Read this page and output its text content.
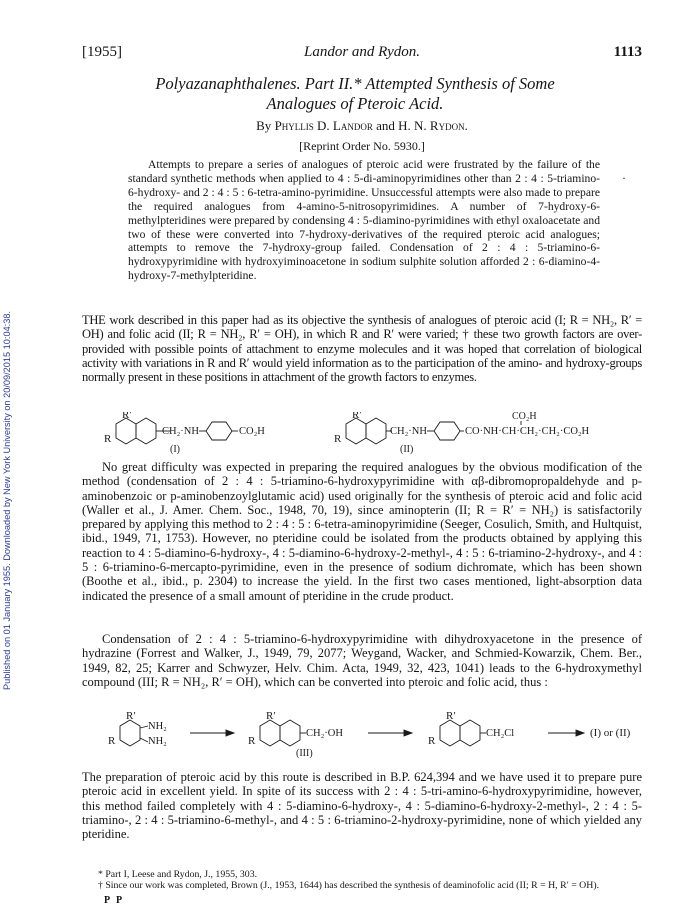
Published on 01 January 1955. Downloaded by New York University on 20/09/2015 10:04:38.
[1955]	Landor and Rydon.	1113
Polyazanaphthalenes. Part II.* Attempted Synthesis of Some
Analogues of Pteroic Acid.
By Phyllis D. Landor and H. N. Rydon.
[Reprint Order No. 5930.]
Attempts to prepare a series of analogues of pteroic acid were frustrated by the failure of the standard synthetic methods when applied to 4 : 5-di-aminopyrimidines other than 2 : 4 : 5-triamino-6-hydroxy- and 2 : 4 : 5 : 6-tetra-amino-pyrimidine. Unsuccessful attempts were also made to prepare the required analogues from 4-amino-5-nitrosopyrimidines. A number of 7-hydroxy-6-methylpteridines were prepared by condensing 4 : 5-diamino-pyrimidines with ethyl oxaloacetate and two of these were converted into 7-hydroxy-derivatives of the required pteroic acid analogues; attempts to remove the 7-hydroxy-group failed. Condensation of 2 : 4 : 5-triamino-6-hydroxypyrimidine with hydroxyiminoacetone in sodium sulphite solution afforded 2 : 6-diamino-4-hydroxy-7-methylpteridine.
·

THE work described in this paper had as its objective the synthesis of analogues of pteroic acid (I; R = NH₂, R′ = OH) and folic acid (II; R = NH₂, R′ = OH), in which R and R′ were varied; † these two growth factors are over-provided with possible points of attachment to enzyme molecules and it was hoped that correlation of biological activity with variations in R and R′ would yield information as to the participation of the amino- and hydroxy-groups normally present in these positions in attachment of the growth factors to enzymes.

R′
R
CH₂·NH	CO₂H
(I)
R′
R
CH₂·NH
CO₂H
CO·NH·CH·CH₂·CH₂·CO₂H
(II)

No great difficulty was expected in preparing the required analogues by the obvious modification of the method (condensation of 2 : 4 : 5-triamino-6-hydroxypyrimidine with αβ-dibromopropaldehyde and p-aminobenzoic or p-aminobenzoylglutamic acid) used originally for the synthesis of pteroic acid and folic acid (Waller et al., J. Amer. Chem. Soc., 1948, 70, 19), since aminopterin (II; R = R′ = NH₂) is satisfactorily prepared by applying this method to 2 : 4 : 5 : 6-tetra-aminopyrimidine (Seeger, Cosulich, Smith, and Hultquist, ibid., 1949, 71, 1753). However, no pteridine could be isolated from the products obtained by applying this reaction to 4 : 5-diamino-6-hydroxy-, 4 : 5-diamino-6-hydroxy-2-methyl-, 4 : 5 : 6-triamino-2-hydroxy-, and 4 : 5 : 6-triamino-6-mercapto-pyrimidine, even in the presence of sodium dichromate, which has been shown (Boothe et al., ibid., p. 2304) to increase the yield. In the first two cases mentioned, light-absorption data indicated the presence of a small amount of pteridine in the crude product.

Condensation of 2 : 4 : 5-triamino-6-hydroxypyrimidine with dihydroxyacetone in the presence of hydrazine (Forrest and Walker, J., 1949, 79, 2077; Weygand, Wacker, and Schmied-Kowarzik, Chem. Ber., 1949, 82, 25; Karrer and Schwyzer, Helv. Chim. Acta, 1949, 32, 423, 1041) leads to the 6-hydroxymethyl compound (III; R = NH₂, R′ = OH), which can be converted into pteroic and folic acid, thus :

R′
R
NH₂
NH₂
R′
R
CH₂·OH
(III)
R′
R
CH₂Cl	(I) or (II)

The preparation of pteroic acid by this route is described in B.P. 624,394 and we have used it to prepare pure pteroic acid in excellent yield. In spite of its success with 2 : 4 : 5-tri-amino-6-hydroxypyrimidine, however, this method failed completely with 4 : 5-diamino-6-hydroxy-, 4 : 5-diamino-6-hydroxy-2-methyl-, 2 : 4 : 5-triamino-, 2 : 4 : 5-triamino-6-methyl-, and 4 : 5 : 6-triamino-2-hydroxy-pyrimidine, none of which yielded any pteridine.

* Part I, Leese and Rydon, J., 1955, 303.
† Since our work was completed, Brown (J., 1953, 1644) has described the synthesis of deaminofolic acid (II; R = H, R′ = OH).
P P
